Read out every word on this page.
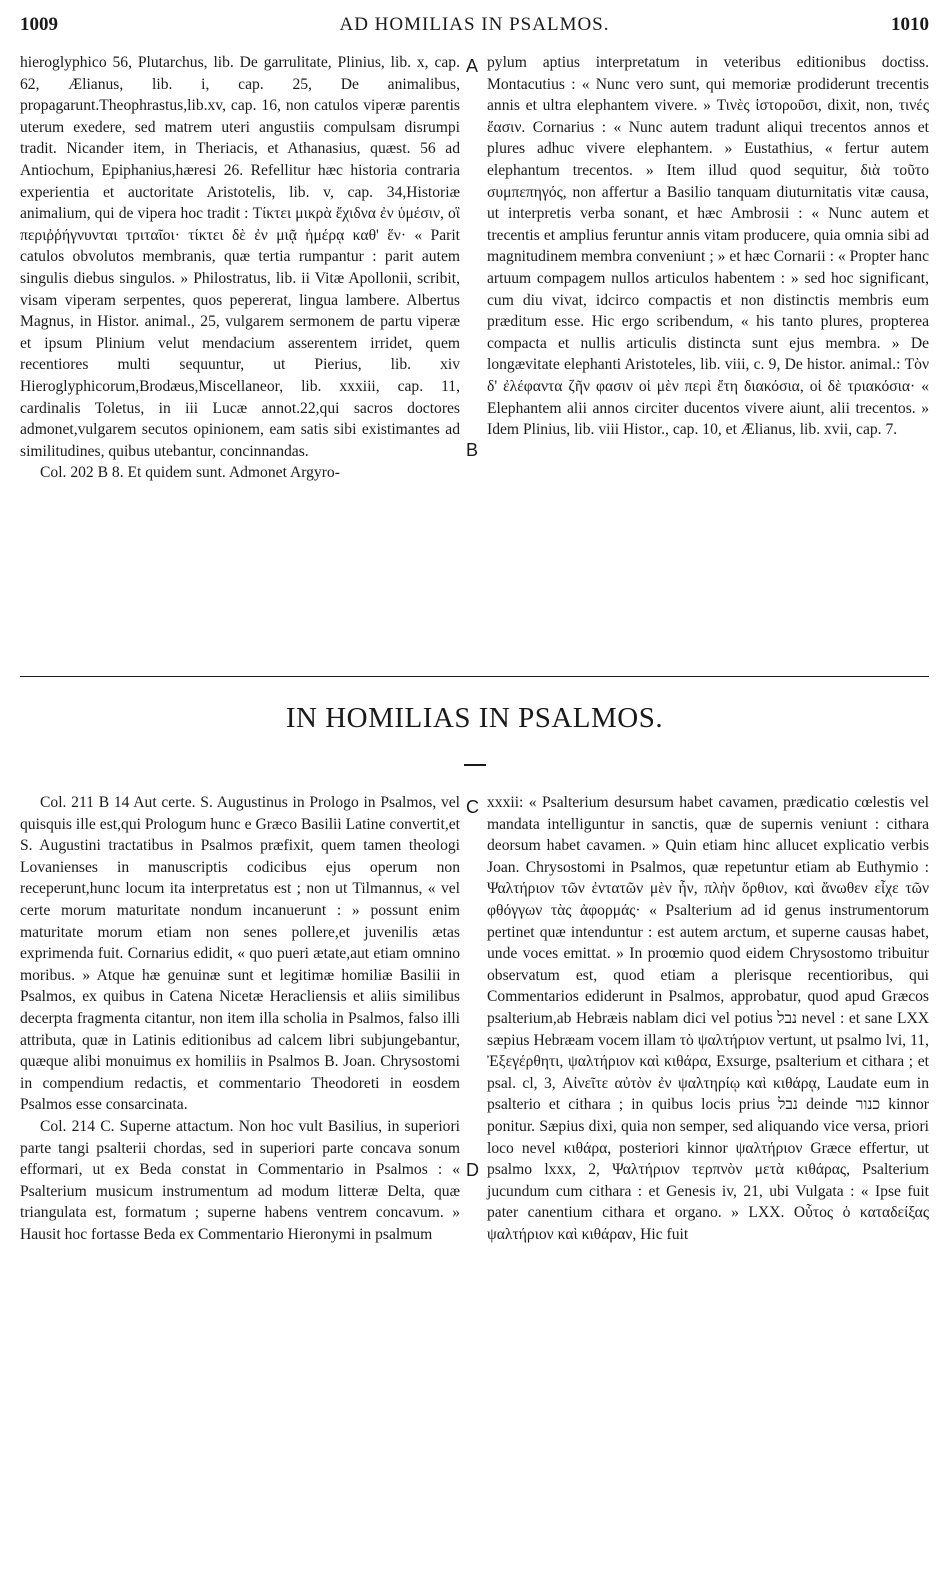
1009	AD HOMILIAS IN PSALMOS.	1010

hieroglyphico 56, Plutarchus, lib. De garrulitate, Plinius, lib. x, cap. 62, Ælianus, lib. i, cap. 25, De animalibus, propagarunt.Theophrastus,lib.xv, cap. 16, non catulos viperæ parentis uterum exedere, sed matrem uteri angustiis compulsam disrumpi tradit. Nicander item, in Theriacis, et Athanasius, quæst. 56 ad Antiochum, Epiphanius,hæresi 26. Refellitur hæc historia contraria experientia et auctoritate Aristotelis, lib. v, cap. 34,Historiæ animalium, qui de vipera hoc tradit : Τίκτει μικρὰ ἔχιδνα ἐν ὑμέσιν, οἳ περιῤῥήγνυνται τριταῖοι· τίκτει δὲ ἐν μιᾷ ἡμέρᾳ καθ' ἕν· « Parit catulos obvolutos membranis, quæ tertia rumpantur : parit autem singulis diebus singulos. » Philostratus, lib. ii Vitæ Apollonii, scribit, visam viperam serpentes, quos pepererat, lingua lambere. Albertus Magnus, in Histor. animal., 25, vulgarem sermonem de partu viperæ et ipsum Plinium velut mendacium asserentem irridet, quem recentiores multi sequuntur, ut Pierius, lib. xiv Hieroglyphicorum,Brodæus,Miscellaneor, lib. xxxiii, cap. 11, cardinalis Toletus, in iii Lucæ annot.22,qui sacros doctores admonet,vulgarem secutos opinionem, eam satis sibi existimantes ad similitudines, quibus utebantur, concinnandas.

Col. 202 B 8. Et quidem sunt. Admonet Argyro-

pylum aptius interpretatum in veteribus editionibus doctiss. Montacutius : « Nunc vero sunt, qui memoriæ prodiderunt trecentis annis et ultra elephantem vivere. » Τινὲς ἱστοροῦσι, dixit, non, τινές ἔασιν. Cornarius : « Nunc autem tradunt aliqui trecentos annos et plures adhuc vivere elephantem. » Eustathius, « fertur autem elephantum trecentos. » Item illud quod sequitur, διὰ τοῦτο συμπεπηγός, non affertur a Basilio tanquam diuturnitatis vitæ causa, ut interpretis verba sonant, et hæc Ambrosii : « Nunc autem et trecentis et amplius feruntur annis vitam producere, quia omnia sibi ad magnitudinem membra conveniunt ; » et hæc Cornarii : « Propter hanc artuum compagem nullos articulos habentem : » sed hoc significant, cum diu vivat, idcirco compactis et non distinctis membris eum præditum esse. Hic ergo scribendum, « his tanto plures, propterea compacta et nullis articulis distincta sunt ejus membra. » De longævitate elephanti Aristoteles, lib. viii, c. 9, De histor. animal.: Τὸν δ' ἐλέφαντα ζῆν φασιν οἱ μὲν περὶ ἔτη διακόσια, οἱ δὲ τριακόσια· « Elephantem alii annos circiter ducentos vivere aiunt, alii trecentos. » Idem Plinius, lib. viii Histor., cap. 10, et Ælianus, lib. xvii, cap. 7.

A
B
IN HOMILIAS IN PSALMOS.

Col. 211 B 14 Aut certe. S. Augustinus in Prologo in Psalmos, vel quisquis ille est,qui Prologum hunc e Græco Basilii Latine convertit,et S. Augustini tractatibus in Psalmos præfixit, quem tamen theologi Lovanienses in manuscriptis codicibus ejus operum non receperunt,hunc locum ita interpretatus est ; non ut Tilmannus, « vel certe morum maturitate nondum incanuerunt : » possunt enim maturitate morum etiam non senes pollere,et juvenilis ætas exprimenda fuit. Cornarius edidit, « quo pueri ætate,aut etiam omnino moribus. » Atque hæ genuinæ sunt et legitimæ homiliæ Basilii in Psalmos, ex quibus in Catena Nicetæ Heracliensis et aliis similibus decerpta fragmenta citantur, non item illa scholia in Psalmos, falso illi attributa, quæ in Latinis editionibus ad calcem libri subjungebantur, quæque alibi monuimus ex homiliis in Psalmos B. Joan. Chrysostomi in compendium redactis, et commentario Theodoreti in eosdem Psalmos esse consarcinata.

Col. 214 C. Superne attactum. Non hoc vult Basilius, in superiori parte tangi psalterii chordas, sed in superiori parte concava sonum efformari, ut ex Beda constat in Commentario in Psalmos : « Psalterium musicum instrumentum ad modum litteræ Delta, quæ triangulata est, formatum ; superne habens ventrem concavum. » Hausit hoc fortasse Beda ex Commentario Hieronymi in psalmum

xxxii: « Psalterium desursum habet cavamen, prædicatio cœlestis vel mandata intelliguntur in sanctis, quæ de supernis veniunt : cithara deorsum habet cavamen. » Quin etiam hinc allucet explicatio verbis Joan. Chrysostomi in Psalmos, quæ repetuntur etiam ab Euthymio : Ψαλτήριον τῶν ἐντατῶν μὲν ἦν, πλὴν ὄρθιον, καὶ ἄνωθεν εἶχε τῶν φθόγγων τὰς ἀφορμάς· « Psalterium ad id genus instrumentorum pertinet quæ intenduntur : est autem arctum, et superne causas habet, unde voces emittat. » In proœmio quod eidem Chrysostomo tribuitur observatum est, quod etiam a plerisque recentioribus, qui Commentarios ediderunt in Psalmos, approbatur, quod apud Græcos psalterium,ab Hebræis nablam dici vel potius נבל nevel : et sane LXX sæpius Hebræam vocem illam τὸ ψαλτήριον vertunt, ut psalmo lvi, 11, Ἐξεγέρθητι, ψαλτήριον καὶ κιθάρα, Exsurge, psalterium et cithara ; et psal. cl, 3, Αἰνεῖτε αὐτὸν ἐν ψαλτηρίῳ καὶ κιθάρᾳ, Laudate eum in psalterio et cithara ; in quibus locis prius נבל deinde כנור kinnor ponitur. Sæpius dixi, quia non semper, sed aliquando vice versa, priori loco nevel κιθάρα, posteriori kinnor ψαλτήριον Græce effertur, ut psalmo lxxx, 2, Ψαλτήριον τερπνὸν μετὰ κιθάρας, Psalterium jucundum cum cithara : et Genesis iv, 21, ubi Vulgata : « Ipse fuit pater canentium cithara et organo. » LXX. Οὗτος ὁ καταδείξας ψαλτήριον καὶ κιθάραν, Hic fuit

C
D
